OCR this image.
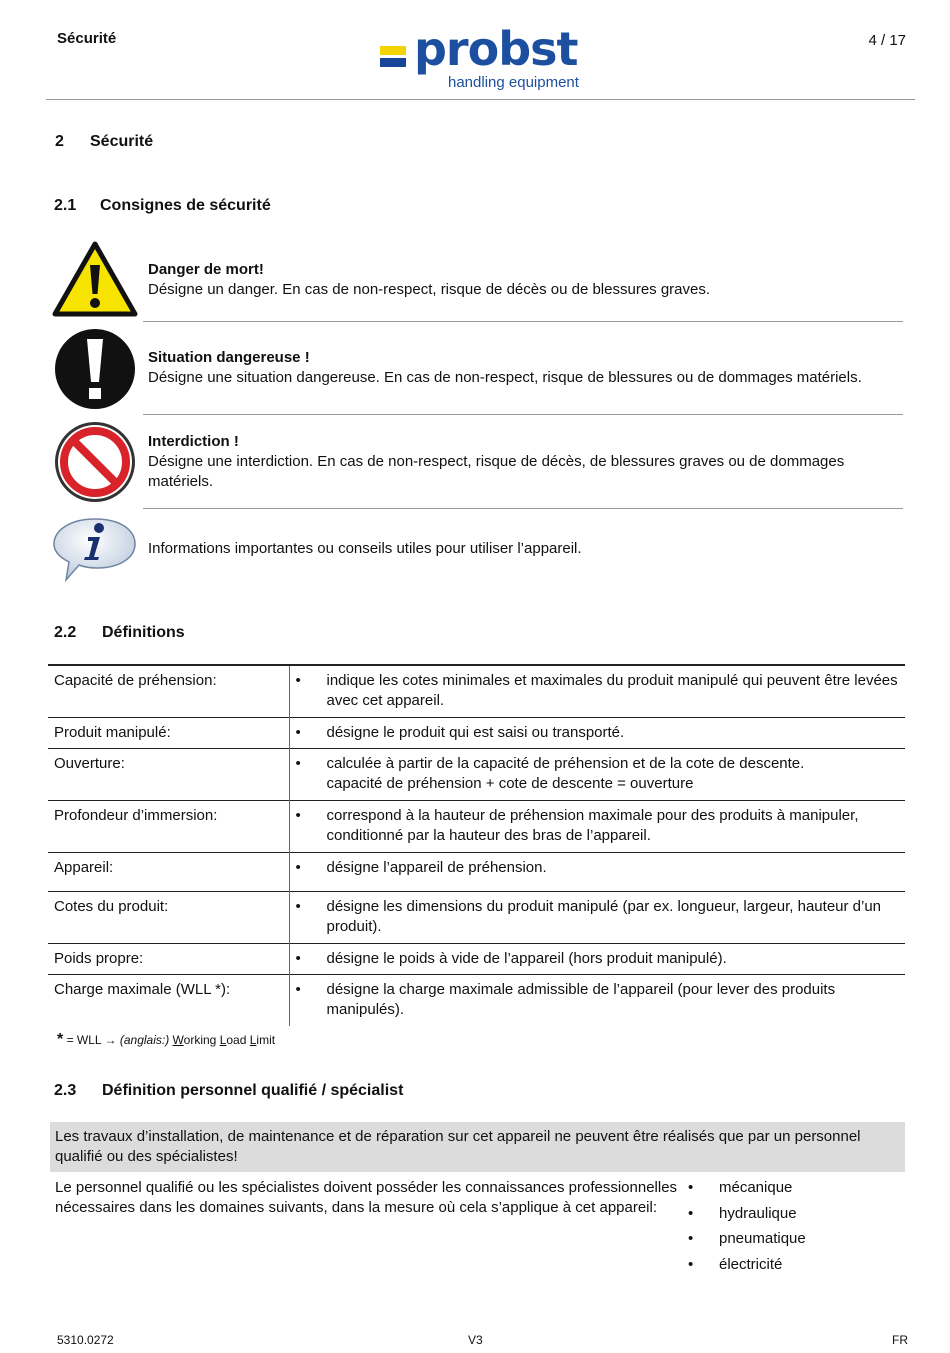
Sécurité	probst
handling equipment
4 / 17
2 Sécurité
2.1 Consignes de sécurité
Danger de mort!
Désigne un danger. En cas de non-respect, risque de décès ou de blessures graves.
Situation dangereuse !
Désigne une situation dangereuse. En cas de non-respect, risque de blessures ou de dommages matériels.
Interdiction !
Désigne une interdiction. En cas de non-respect, risque de décès, de blessures graves ou de dommages matériels.
Informations importantes ou conseils utiles pour utiliser l’appareil.
2.2 Définitions
Capacité de préhension:	• indique les cotes minimales et maximales du produit manipulé qui peuvent être levées avec cet appareil.
Produit manipulé:	• désigne le produit qui est saisi ou transporté.
Ouverture:	• calculée à partir de la capacité de préhension et de la cote de descente.
capacité de préhension + cote de descente = ouverture
Profondeur d’immersion:	• correspond à la hauteur de préhension maximale pour des produits à manipuler, conditionné par la hauteur des bras de l’appareil.
Appareil:	• désigne l’appareil de préhension.
Cotes du produit:	• désigne les dimensions du produit manipulé (par ex. longueur, largeur, hauteur d’un produit).
Poids propre:	• désigne le poids à vide de l’appareil (hors produit manipulé).
Charge maximale (WLL *):	• désigne la charge maximale admissible de l’appareil (pour lever des produits manipulés).
* = WLL → (anglais:) Working Load Limit
2.3 Définition personnel qualifié / spécialist
Les travaux d’installation, de maintenance et de réparation sur cet appareil ne peuvent être réalisés que par un personnel qualifié ou des spécialistes!
Le personnel qualifié ou les spécialistes doivent posséder les connaissances professionnelles nécessaires dans les domaines suivants, dans la mesure où cela s’applique à cet appareil:
• mécanique
• hydraulique
• pneumatique
• électricité
5310.0272	V3	FR
